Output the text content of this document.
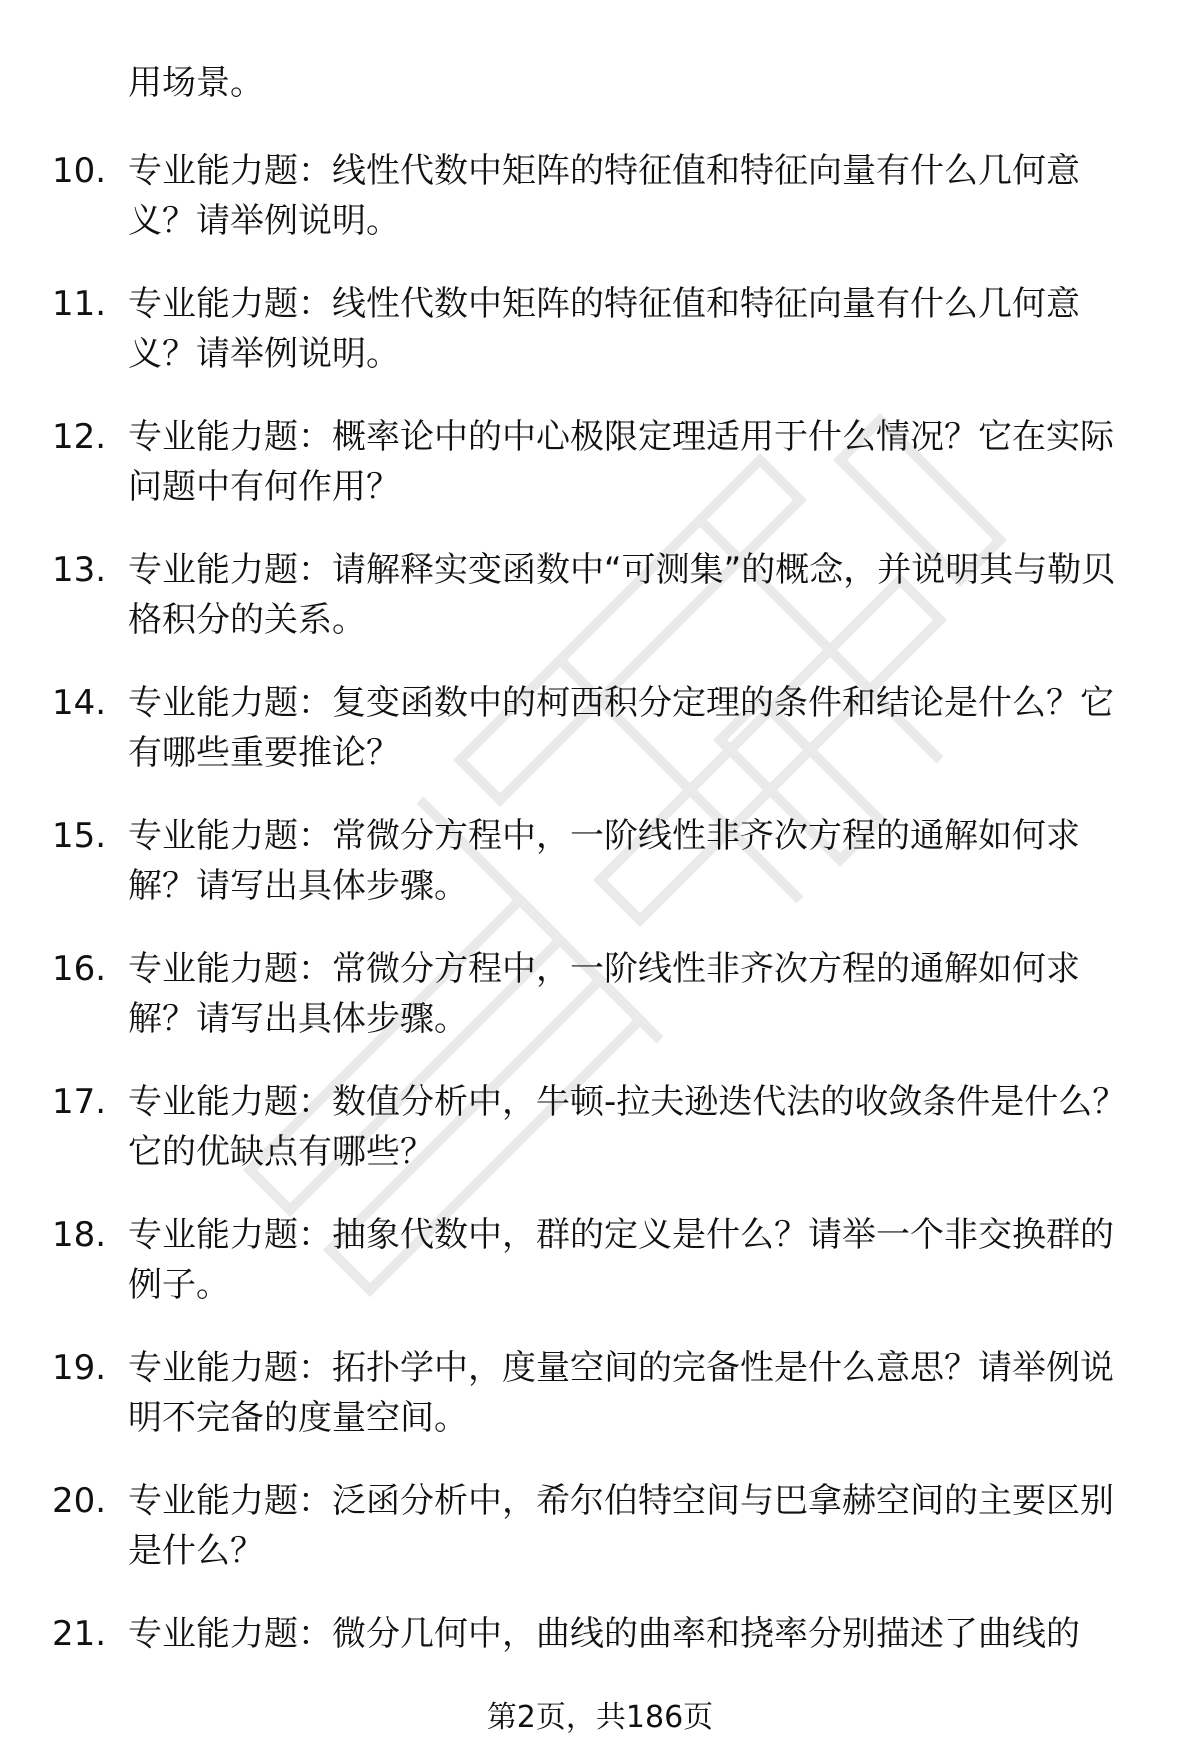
用场景。

10. 专业能力题：线性代数中矩阵的特征值和特征向量有什么几何意义？请举例说明。
11. 专业能力题：线性代数中矩阵的特征值和特征向量有什么几何意义？请举例说明。
12. 专业能力题：概率论中的中心极限定理适用于什么情况？它在实际问题中有何作用？
13. 专业能力题：请解释实变函数中“可测集”的概念，并说明其与勒贝格积分的关系。
14. 专业能力题：复变函数中的柯西积分定理的条件和结论是什么？它有哪些重要推论？
15. 专业能力题：常微分方程中，一阶线性非齐次方程的通解如何求解？请写出具体步骤。
16. 专业能力题：常微分方程中，一阶线性非齐次方程的通解如何求解？请写出具体步骤。
17. 专业能力题：数值分析中，牛顿-拉夫逊迭代法的收敛条件是什么？它的优缺点有哪些？
18. 专业能力题：抽象代数中，群的定义是什么？请举一个非交换群的例子。
19. 专业能力题：拓扑学中，度量空间的完备性是什么意思？请举例说明不完备的度量空间。
20. 专业能力题：泛函分析中，希尔伯特空间与巴拿赫空间的主要区别是什么？
21. 专业能力题：微分几何中，曲线的曲率和挠率分别描述了曲线的
第2页，共186页
